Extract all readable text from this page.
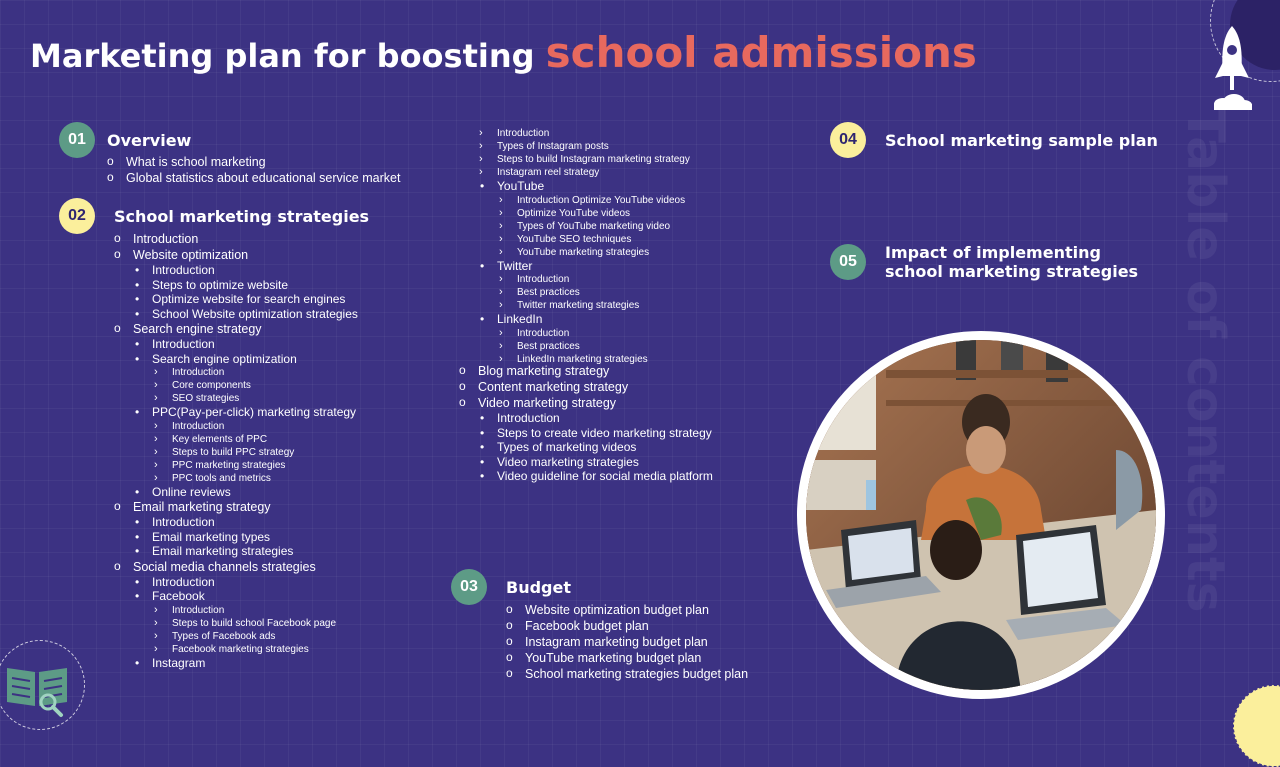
Table of contents
Marketing plan for boosting school admissions
01	Overview
o What is school marketing
o Global statistics about educational service market
02	School marketing strategies
o Introduction
o Website optimization
• Introduction
• Steps to optimize website
• Optimize website for search engines
• School Website optimization strategies
o Search engine strategy
• Introduction
• Search engine optimization
› Introduction
› Core components
› SEO strategies
• PPC(Pay-per-click) marketing strategy
› Introduction
› Key elements of PPC
› Steps to build PPC strategy
› PPC marketing strategies
› PPC tools and metrics
• Online reviews
o Email marketing strategy
• Introduction
• Email marketing types
• Email marketing strategies
o Social media channels strategies
• Introduction
• Facebook
› Introduction
› Steps to build school Facebook page
› Types of Facebook ads
› Facebook marketing strategies
• Instagram
› Introduction
› Types of Instagram posts
› Steps to build Instagram marketing strategy
› Instagram reel strategy
• YouTube
› Introduction Optimize YouTube videos
› Optimize YouTube videos
› Types of YouTube marketing video
› YouTube SEO techniques
› YouTube marketing strategies
• Twitter
› Introduction
› Best practices
› Twitter marketing strategies
• LinkedIn
› Introduction
› Best practices
› LinkedIn marketing strategies
o Blog marketing strategy
o Content marketing strategy
o Video marketing strategy
• Introduction
• Steps to create video marketing strategy
• Types of marketing videos
• Video marketing strategies
• Video guideline for social media platform
03	Budget
o Website optimization budget plan
o Facebook budget plan
o Instagram marketing budget plan
o YouTube marketing budget plan
o School marketing strategies budget plan
04	School marketing sample plan
05	Impact of implementing
school marketing strategies
